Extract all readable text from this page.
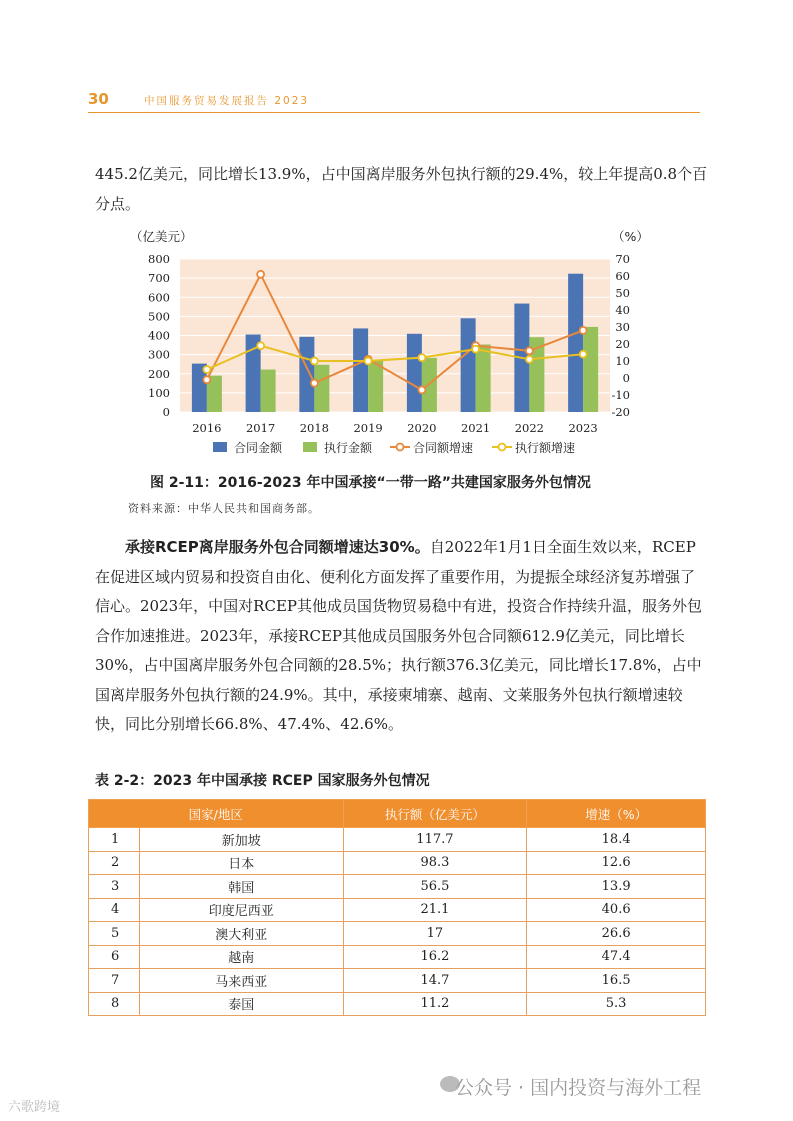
30	中国服务贸易发展报告 2023

445.2亿美元，同比增长13.9%，占中国离岸服务外包执行额的29.4%，较上年提高0.8个百分点。

0
100
200
300
400
500
600
700
800
-20
-10
0
10
20
30
40
50
60
70
（亿美元）	（%）
2016 2017 2018 2019 2020 2021 2022 2023
合同金额	执行金额	合同额增速	执行额增速
图 2-11：2016-2023 年中国承接“一带一路”共建国家服务外包情况
资料来源：中华人民共和国商务部。

承接RCEP离岸服务外包合同额增速达30%。自2022年1月1日全面生效以来，RCEP在促进区域内贸易和投资自由化、便利化方面发挥了重要作用，为提振全球经济复苏增强了信心。2023年，中国对RCEP其他成员国货物贸易稳中有进，投资合作持续升温，服务外包合作加速推进。2023年，承接RCEP其他成员国服务外包合同额612.9亿美元，同比增长30%，占中国离岸服务外包合同额的28.5%；执行额376.3亿美元，同比增长17.8%，占中国离岸服务外包执行额的24.9%。其中，承接柬埔寨、越南、文莱服务外包执行额增速较快，同比分别增长66.8%、47.4%、42.6%。

表 2-2：2023 年中国承接 RCEP 国家服务外包情况
国家/地区		执行额（亿美元）	增速（%）
1	新加坡	117.7	18.4
2	日本	98.3	12.6
3	韩国	56.5	13.9
4	印度尼西亚	21.1	40.6
5	澳大利亚	17	26.6
6	越南	16.2	47.4
7	马来西亚	14.7	16.5
8	泰国	11.2	5.3
公众号 · 国内投资与海外工程
六歌跨境
